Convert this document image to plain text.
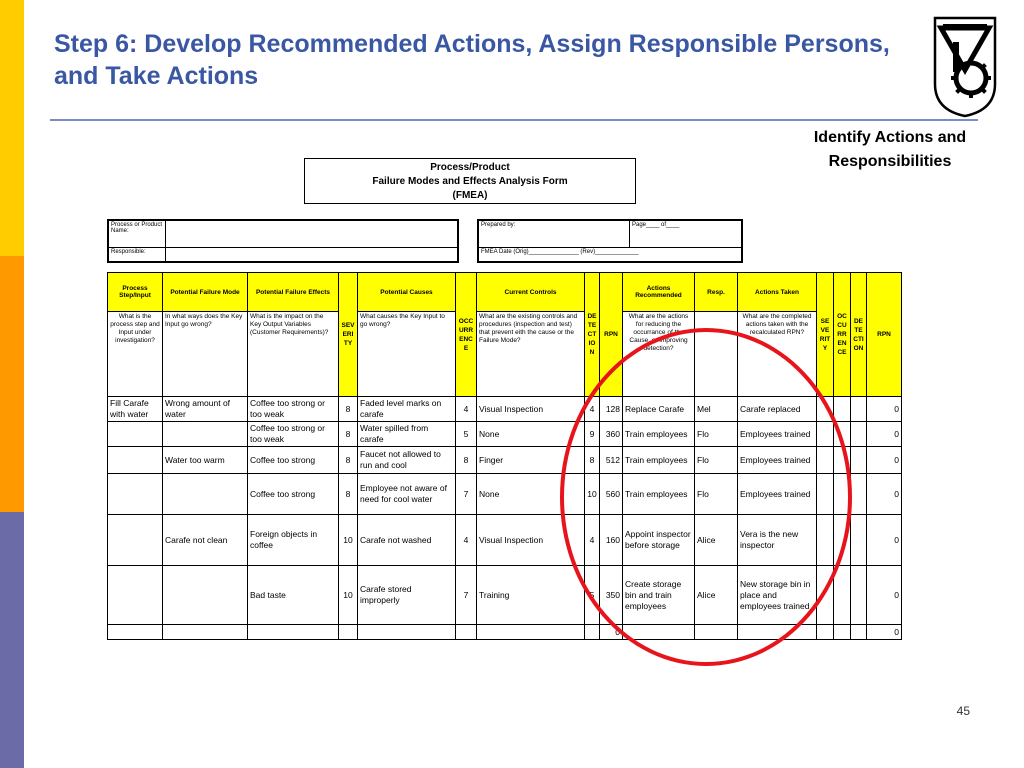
Step 6: Develop Recommended Actions, Assign Responsible Persons, and Take Actions
Identify Actions and Responsibilities
Process/Product
Failure Modes and Effects Analysis Form
(FMEA)
Process or Product Name:	
Responsible:	
Prepared by:	Page____ of____
FMEA Date (Orig)_______________ (Rev)_____________
Process Step/Input	Potential Failure Mode	Potential Failure Effects	SEVERITY	Potential Causes	OCCURRENCE	Current Controls	DETECTION	RPN	Actions Recommended	Resp.	Actions Taken	SEVERITY	OCCURRENCE	DETECTION	RPN
What is the process step and Input under investigation?	In what ways does the Key Input go wrong?	What is the impact on the Key Output Variables (Customer Requirements)?		What causes the Key Input to go wrong?		What are the existing controls and procedures (inspection and test) that prevent eith the cause or the Failure Mode?			What are the actions for reducing the occurrance of the Cause, or improving detection?		What are the completed actions taken with the recalculated RPN?				
Fill Carafe with water	Wrong amount of water	Coffee too strong or too weak	8	Faded level marks on carafe	4	Visual Inspection	4	128	Replace Carafe	Mel	Carafe replaced				0
		Coffee too strong or too weak	8	Water spilled from carafe	5	None	9	360	Train employees	Flo	Employees trained				0
	Water too warm	Coffee too strong	8	Faucet not allowed to run and cool	8	Finger	8	512	Train employees	Flo	Employees trained				0
		Coffee too strong	8	Employee not aware of need for cool water	7	None	10	560	Train employees	Flo	Employees trained				0
	Carafe not clean	Foreign objects in coffee	10	Carafe not washed	4	Visual Inspection	4	160	Appoint inspector before storage	Alice	Vera is the new inspector				0
		Bad taste	10	Carafe stored improperly	7	Training	5	350	Create storage bin and train employees	Alice	New storage bin in place and employees trained				0
								0							0
45
